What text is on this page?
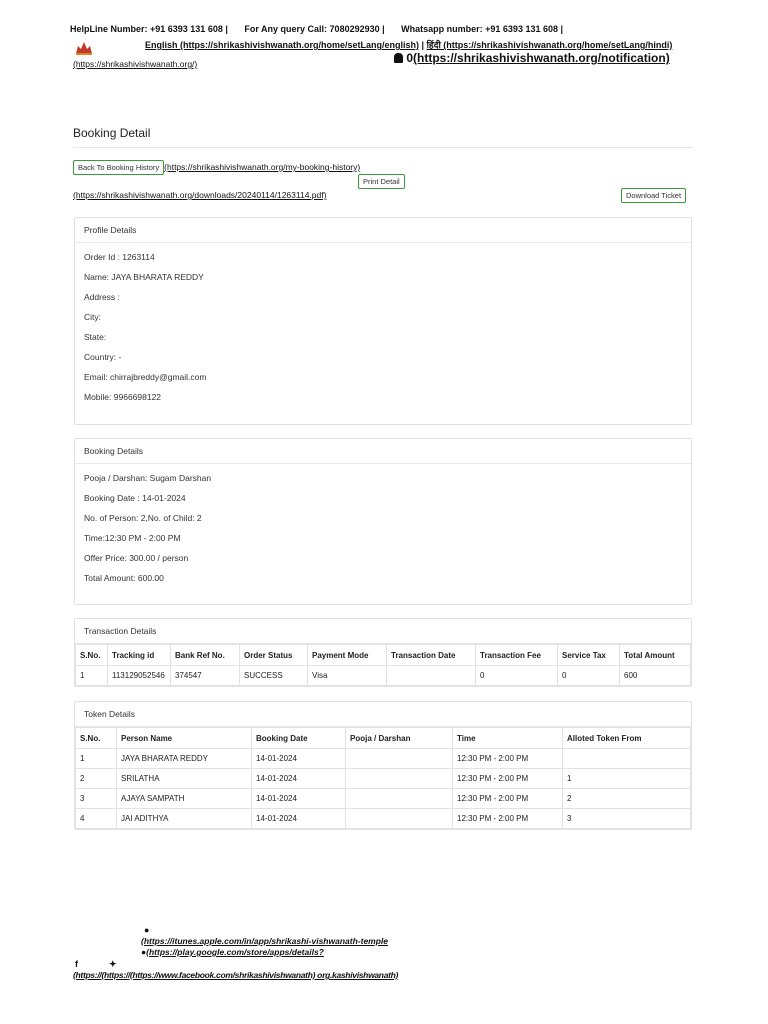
HelpLine Number: +91 6393 131 608 | For Any query Call: 7080292930 | Whatsapp number: +91 6393 131 608 |
English (https://shrikashivishwanath.org/home/setLang/english) | हिंदी (https://shrikashivishwanath.org/home/setLang/hindi)
(https://shrikashivishwanath.org/)	0(https://shrikashivishwanath.org/notification)
Booking Detail
Back To Booking History (https://shrikashivishwanath.org/my-booking-history)
Print Detail
(https://shrikashivishwanath.org/downloads/20240114/1263114.pdf)	Download Ticket
Profile Details
Order Id : 1263114
Name: JAYA BHARATA REDDY
Address :
City:
State:
Country: -
Email: chirrajbreddy@gmail.com
Mobile: 9966698122
Booking Details
Pooja / Darshan: Sugam Darshan
Booking Date : 14-01-2024
No. of Person: 2,No. of Child: 2
Time:12:30 PM - 2:00 PM
Offer Price: 300.00 / person
Total Amount: 600.00
Transaction Details
S.No.	Tracking id	Bank Ref No.	Order Status	Payment Mode	Transaction Date	Transaction Fee	Service Tax	Total Amount
1	113129052546	374547	SUCCESS	Visa		0	0	600
Token Details
S.No.	Person Name	Booking Date	Pooja / Darshan	Time	Alloted Token From
1	JAYA BHARATA REDDY	14-01-2024		12:30 PM - 2:00 PM	
2	SRILATHA	14-01-2024		12:30 PM - 2:00 PM	1
3	AJAYA SAMPATH	14-01-2024		12:30 PM - 2:00 PM	2
4	JAI ADITHYA	14-01-2024		12:30 PM - 2:00 PM	3
●
(https://itunes.apple.com/in/app/shrikashi-vishwanath-temple
●(https://play.google.com/store/apps/details?
f	✦
(https://(https://(https://www.facebook.com/shrikashivishwanath) org.kashivishwanath)
